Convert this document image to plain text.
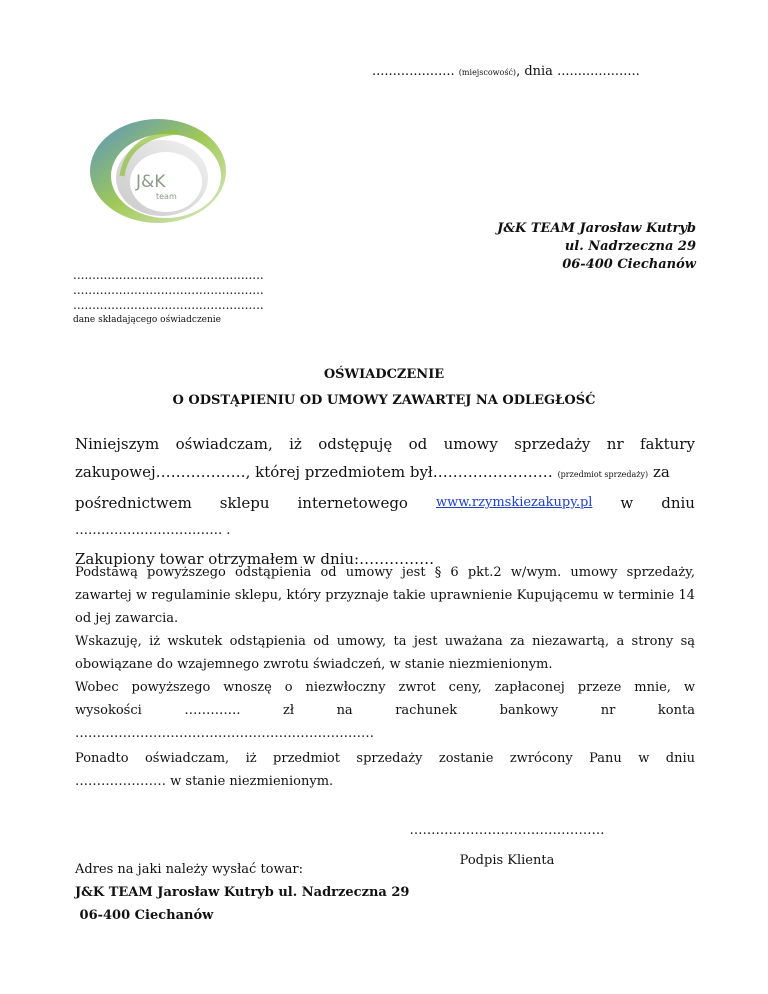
.................... (miejscowość), dnia ....................
J&K
team
J&K TEAM Jarosław Kutryb
ul. Nadrzeczna 29
06-400 Ciechanów
..................................................
..................................................
..................................................
dane składającego oświadczenie
OŚWIADCZENIE
O ODSTĄPIENIU OD UMOWY ZAWARTEJ NA ODLEGŁOŚĆ
Niniejszym oświadczam, iż odstępuję od umowy sprzedaży nr faktury
zakupowej………………, której przedmiotem był…………………… (przedmiot sprzedaży) za
pośrednictwem sklepu internetowego www.rzymskiezakupy.pl w dniu
……………………………. .
Zakupiony towar otrzymałem w dniu:……………
Podstawą powyższego odstąpienia od umowy jest § 6 pkt.2 w/wym. umowy sprzedaży, zawartej w regulaminie sklepu, który przyznaje takie uprawnienie Kupującemu w terminie 14 od jej zawarcia.
Wskazuję, iż wskutek odstąpienia od umowy, ta jest uważana za niezawartą, a strony są obowiązane do wzajemnego zwrotu świadczeń, w stanie niezmienionym.
Wobec powyższego wnoszę o niezwłoczny zwrot ceny, zapłaconej przeze mnie, w
wysokości	………….	zł	na	rachunek	bankowy	nr	konta
……………………………………………………………
Ponadto oświadczam, iż przedmiot sprzedaży zostanie zwrócony Panu w dniu
………………… w stanie niezmienionym.
………………………………………
Podpis Klienta
Adres na jaki należy wysłać towar:
J&K TEAM Jarosław Kutryb ul. Nadrzeczna 29
06-400 Ciechanów
